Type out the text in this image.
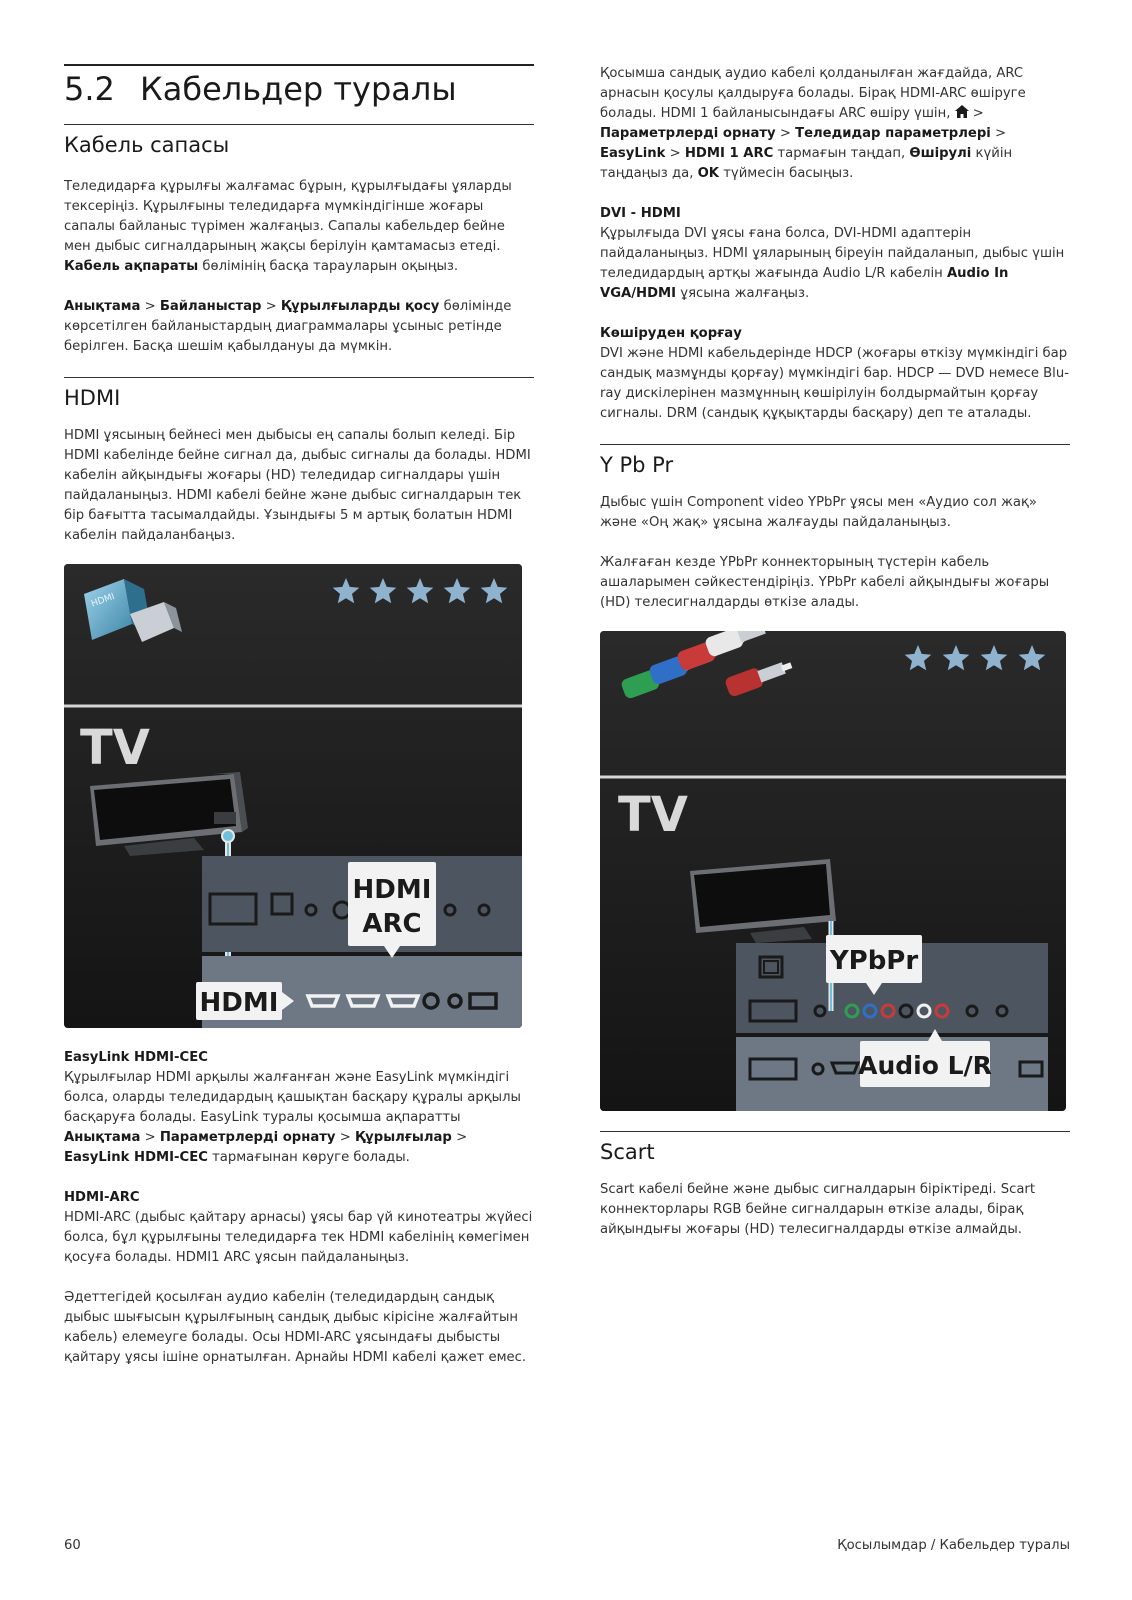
5.2 Кабельдер туралы
Кабель сапасы

Теледидарға құрылғы жалғамас бұрын, құрылғыдағы ұяларды тексеріңіз. Құрылғыны теледидарға мүмкіндігінше жоғары сапалы байланыс түрімен жалғаңыз. Сапалы кабельдер бейне мен дыбыс сигналдарының жақсы берілуін қамтамасыз етеді. Кабель ақпараты бөлімінің басқа тарауларын оқыңыз.

Анықтама > Байланыстар > Құрылғыларды қосу бөлімінде көрсетілген байланыстардың диаграммалары ұсыныс ретінде берілген. Басқа шешім қабылдануы да мүмкін.

HDMI

HDMI ұясының бейнесі мен дыбысы ең сапалы болып келеді. Бір HDMI кабелінде бейне сигнал да, дыбыс сигналы да болады. HDMI кабелін айқындығы жоғары (HD) теледидар сигналдары үшін пайдаланыңыз. HDMI кабелі бейне және дыбыс сигналдарын тек бір бағытта тасымалдайды. Ұзындығы 5 м артық болатын HDMI кабелін пайдаланбаңыз.

HDMI
TV
HDMI
ARC
HDMI
EasyLink HDMI-CEC

Құрылғылар HDMI арқылы жалғанған және EasyLink мүмкіндігі болса, оларды теледидардың қашықтан басқару құралы арқылы басқаруға болады. EasyLink туралы қосымша ақпаратты Анықтама > Параметрлерді орнату > Құрылғылар > EasyLink HDMI-CEC тармағынан көруге болады.

HDMI-ARC

HDMI-ARC (дыбыс қайтару арнасы) ұясы бар үй кинотеатры жүйесі болса, бұл құрылғыны теледидарға тек HDMI кабелінің көмегімен қосуға болады. HDMI1 ARC ұясын пайдаланыңыз.

Әдеттегідей қосылған аудио кабелін (теледидардың сандық дыбыс шығысын құрылғының сандық дыбыс кірісіне жалғайтын кабель) елемеуге болады. Осы HDMI-ARC ұясындағы дыбысты қайтару ұясы ішіне орнатылған. Арнайы HDMI кабелі қажет емес.

Қосымша сандық аудио кабелі қолданылған жағдайда, ARC арнасын қосулы қалдыруға болады. Бірақ HDMI-ARC өшіруге болады. HDMI 1 байланысындағы ARC өшіру үшін,  > Параметрлерді орнату > Теледидар параметрлері > EasyLink > HDMI 1 ARC тармағын таңдап, Өшірулі күйін таңдаңыз да, OK түймесін басыңыз.

DVI - HDMI

Құрылғыда DVI ұясы ғана болса, DVI-HDMI адаптерін пайдаланыңыз. HDMI ұяларының біреуін пайдаланып, дыбыс үшін теледидардың артқы жағында Audio L/R кабелін Audio In VGA/HDMI ұясына жалғаңыз.

Көшіруден қорғау

DVI және HDMI кабельдерінде HDCP (жоғары өткізу мүмкіндігі бар сандық мазмұнды қорғау) мүмкіндігі бар. HDCP — DVD немесе Blu-ray дискілерінен мазмұнның көшірілуін болдырмайтын қорғау сигналы. DRM (сандық құқықтарды басқару) деп те аталады.

Y Pb Pr

Дыбыс үшін Component video YPbPr ұясы мен «Аудио сол жақ» және «Оң жақ» ұясына жалғауды пайдаланыңыз.

Жалғаған кезде YPbPr коннекторының түстерін кабель ашаларымен сәйкестендіріңіз. YPbPr кабелі айқындығы жоғары (HD) телесигналдарды өткізе алады.

TV
YPbPr
Audio L/R
Scart

Scart кабелі бейне және дыбыс сигналдарын біріктіреді. Scart коннекторлары RGB бейне сигналдарын өткізе алады, бірақ айқындығы жоғары (HD) телесигналдарды өткізе алмайды.

60	Қосылымдар / Кабельдер туралы
